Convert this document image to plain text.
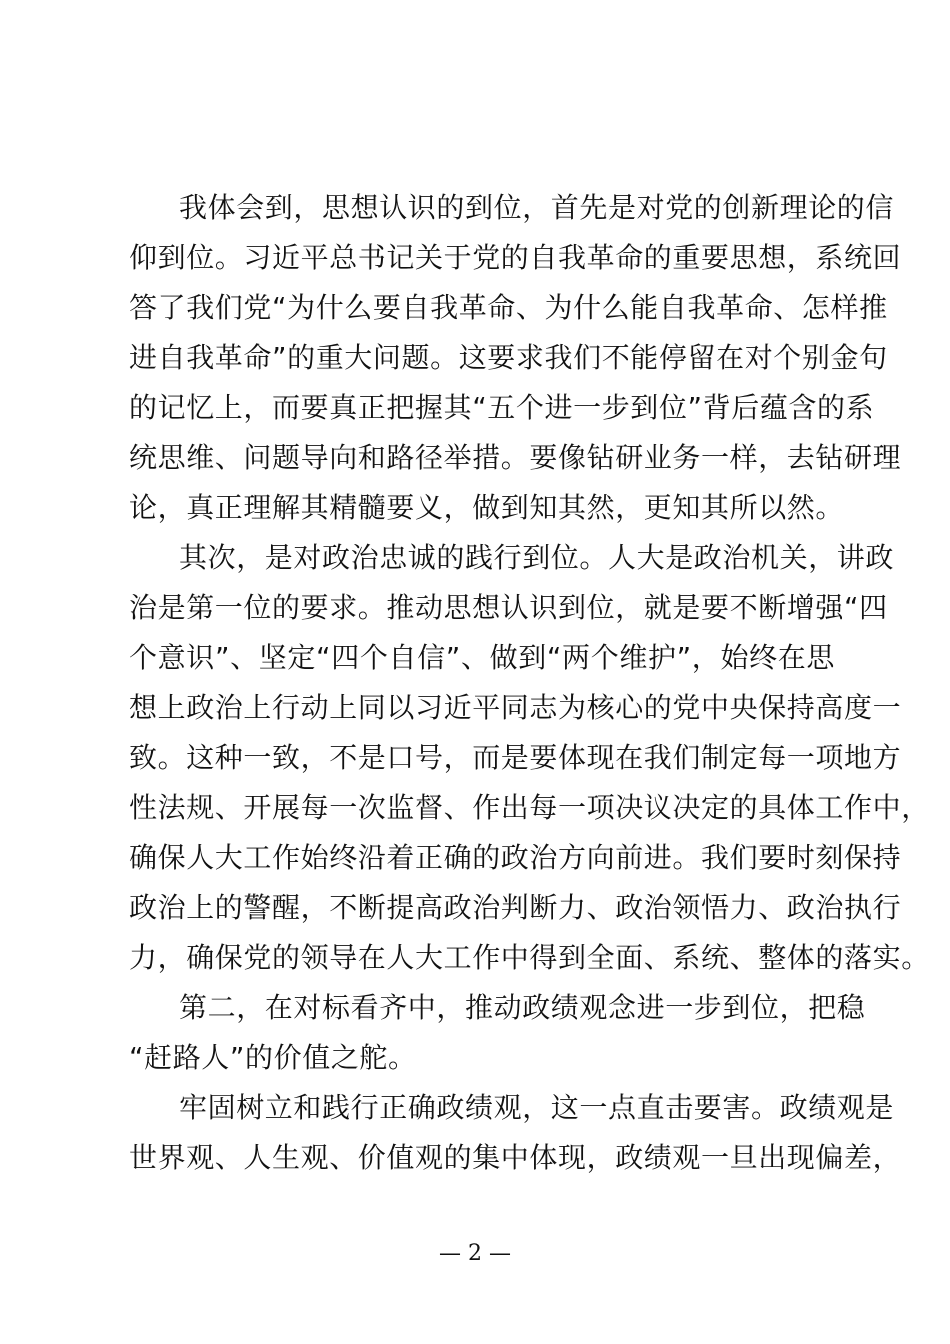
我体会到，思想认识的到位，首先是对党的创新理论的信
仰到位。习近平总书记关于党的自我革命的重要思想，系统回
答了我们党“为什么要自我革命、为什么能自我革命、怎样推
进自我革命”的重大问题。这要求我们不能停留在对个别金句
的记忆上，而要真正把握其“五个进一步到位”背后蕴含的系
统思维、问题导向和路径举措。要像钻研业务一样，去钻研理
论，真正理解其精髓要义，做到知其然，更知其所以然。
其次，是对政治忠诚的践行到位。人大是政治机关，讲政
治是第一位的要求。推动思想认识到位，就是要不断增强“四
个意识”、坚定“四个自信”、做到“两个维护”，始终在思
想上政治上行动上同以习近平同志为核心的党中央保持高度一
致。这种一致，不是口号，而是要体现在我们制定每一项地方
性法规、开展每一次监督、作出每一项决议决定的具体工作中，
确保人大工作始终沿着正确的政治方向前进。我们要时刻保持
政治上的警醒，不断提高政治判断力、政治领悟力、政治执行
力，确保党的领导在人大工作中得到全面、系统、整体的落实。
第二，在对标看齐中，推动政绩观念进一步到位，把稳
“赶路人”的价值之舵。
牢固树立和践行正确政绩观，这一点直击要害。政绩观是
世界观、人生观、价值观的集中体现，政绩观一旦出现偏差，
— 2 —
